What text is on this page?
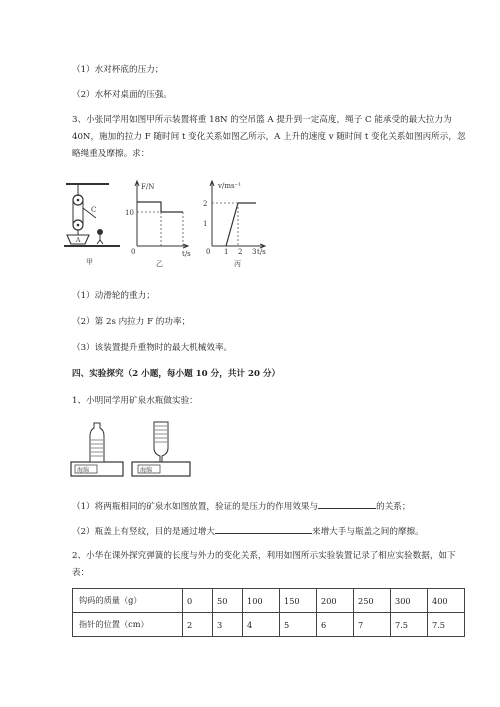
（1）水对杯底的压力；
（2）水杯对桌面的压强。
3、小张同学用如图甲所示装置将重 18N 的空吊篮 A 提升到一定高度，绳子 C 能承受的最大拉力为
40N，施加的拉力 F 随时间 t 变化关系如图乙所示，A 上升的速度 v 随时间 t 变化关系如图丙所示，忽
略绳重及摩擦。求：
C
A
甲
F/N
t/s
10
0
乙
v/ms⁻¹
t/s
2
1
0 1 2 3
丙
（1）动滑轮的重力；
（2）第 2s 内拉力 F 的功率；
（3）该装置提升重物时的最大机械效率。
四、实验探究（2 小题，每小题 10 分，共计 20 分）
1、小明同学用矿泉水瓶做实验：
海绵	海绵
（1）将两瓶相同的矿泉水如图放置，验证的是压力的作用效果与	的关系；
（2）瓶盖上有竖纹，目的是通过增大	来增大手与瓶盖之间的摩擦。
2、小华在课外探究弹簧的长度与外力的变化关系，利用如图所示实验装置记录了相应实验数据，如下
表：
钩码的质量（g）	0	50	100	150	200	250	300	400
指针的位置（cm）	2	3	4	5	6	7	7.5	7.5
